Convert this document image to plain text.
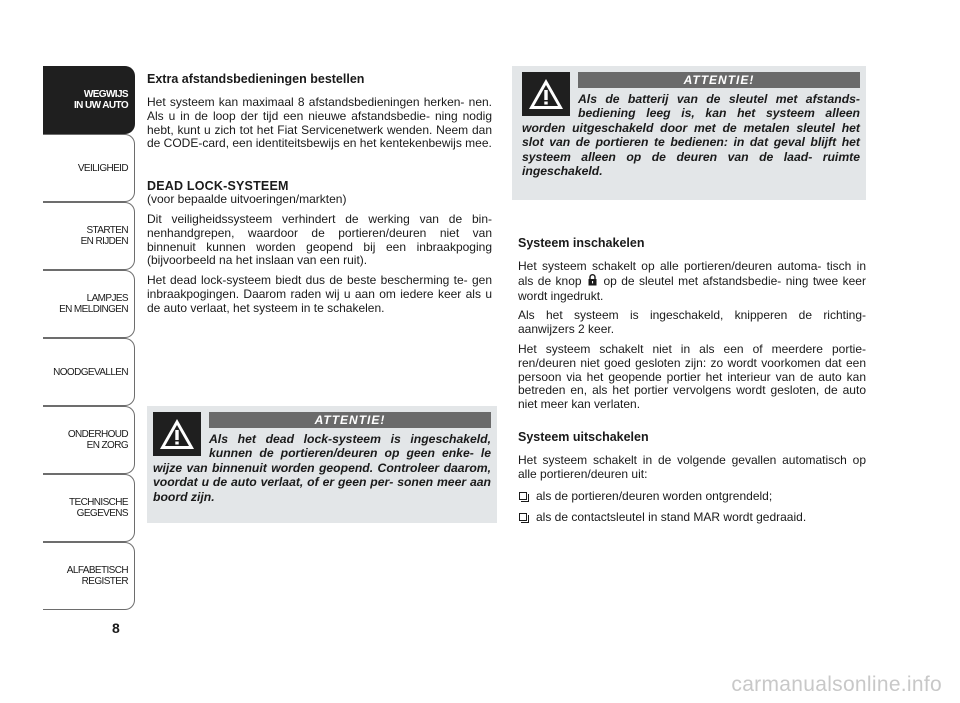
WEGWIJS
IN UW AUTO
VEILIGHEID
STARTEN
EN RIJDEN
LAMPJES
EN MELDINGEN
NOODGEVALLEN
ONDERHOUD
EN ZORG
TECHNISCHE
GEGEVENS
ALFABETISCH
REGISTER
8
Extra afstandsbedieningen bestellen

Het systeem kan maximaal 8 afstandsbedieningen herken- nen. Als u in de loop der tijd een nieuwe afstandsbedie- ning nodig hebt, kunt u zich tot het Fiat Servicenetwerk wenden. Neem dan de CODE-card, een identiteitsbewijs en het kentekenbewijs mee.

DEAD LOCK-SYSTEEM

(voor bepaalde uitvoeringen/markten)

Dit veiligheidssysteem verhindert de werking van de bin- nenhandgrepen, waardoor de portieren/deuren niet van binnenuit kunnen worden geopend bij een inbraakpoging (bijvoorbeeld na het inslaan van een ruit).

Het dead lock-systeem biedt dus de beste bescherming te- gen inbraakpogingen. Daarom raden wij u aan om iedere keer als u de auto verlaat, het systeem in te schakelen.

ATTENTIE!
Als het dead lock-systeem is ingeschakeld, kunnen de portieren/deuren op geen enke- le wijze van binnenuit worden geopend. Controleer daarom, voordat u de auto verlaat, of er geen per- sonen meer aan boord zijn.
ATTENTIE!
Als de batterij van de sleutel met afstands- bediening leeg is, kan het systeem alleen worden uitgeschakeld door met de metalen sleutel het slot van de portieren te bedienen: in dat geval blijft het systeem alleen op de deuren van de laad- ruimte ingeschakeld.
Systeem inschakelen

Het systeem schakelt op alle portieren/deuren automa- tisch in als de knop op de sleutel met afstandsbedie- ning twee keer wordt ingedrukt.

Als het systeem is ingeschakeld, knipperen de richting- aanwijzers 2 keer.

Het systeem schakelt niet in als een of meerdere portie- ren/deuren niet goed gesloten zijn: zo wordt voorkomen dat een persoon via het geopende portier het interieur van de auto kan betreden en, als het portier vervolgens wordt gesloten, de auto niet meer kan verlaten.

Systeem uitschakelen

Het systeem schakelt in de volgende gevallen automatisch op alle portieren/deuren uit:

als de portieren/deuren worden ontgrendeld;
als de contactsleutel in stand MAR wordt gedraaid.
carmanualsonline.info
